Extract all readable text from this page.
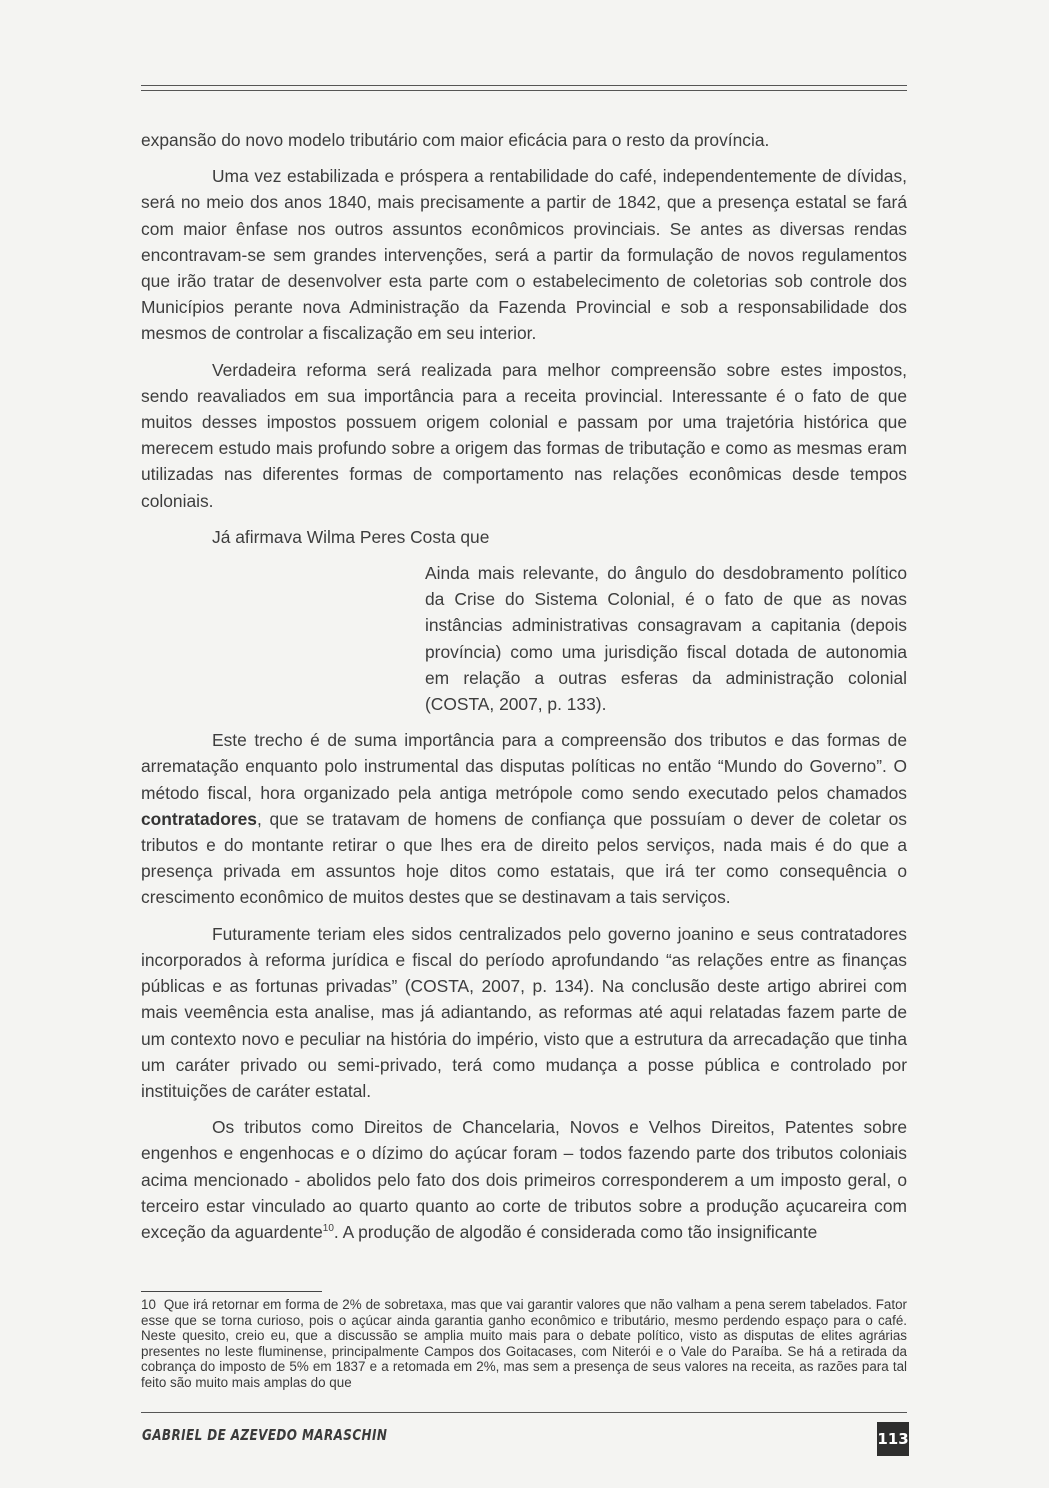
expansão do novo modelo tributário com maior eficácia para o resto da província.

Uma vez estabilizada e próspera a rentabilidade do café, independentemente de dívidas, será no meio dos anos 1840, mais precisamente a partir de 1842, que a presença estatal se fará com maior ênfase nos outros assuntos econômicos provinciais. Se antes as diversas rendas encontravam-se sem grandes intervenções, será a partir da formulação de novos regulamentos que irão tratar de desenvolver esta parte com o estabelecimento de coletorias sob controle dos Municípios perante nova Administração da Fazenda Provincial e sob a responsabilidade dos mesmos de controlar a fiscalização em seu interior.

Verdadeira reforma será realizada para melhor compreensão sobre estes impostos, sendo reavaliados em sua importância para a receita provincial. Interessante é o fato de que muitos desses impostos possuem origem colonial e passam por uma trajetória histórica que merecem estudo mais profundo sobre a origem das formas de tributação e como as mesmas eram utilizadas nas diferentes formas de comportamento nas relações econômicas desde tempos coloniais.

Já afirmava Wilma Peres Costa que

Ainda mais relevante, do ângulo do desdobramento político da Crise do Sistema Colonial, é o fato de que as novas instâncias administrativas consagravam a capitania (depois província) como uma jurisdição fiscal dotada de autonomia em relação a outras esferas da administração colonial (COSTA, 2007, p. 133).

Este trecho é de suma importância para a compreensão dos tributos e das formas de arrematação enquanto polo instrumental das disputas políticas no então “Mundo do Governo”. O método fiscal, hora organizado pela antiga metrópole como sendo executado pelos chamados contratadores, que se tratavam de homens de confiança que possuíam o dever de coletar os tributos e do montante retirar o que lhes era de direito pelos serviços, nada mais é do que a presença privada em assuntos hoje ditos como estatais, que irá ter como consequência o crescimento econômico de muitos destes que se destinavam a tais serviços.

Futuramente teriam eles sidos centralizados pelo governo joanino e seus contratadores incorporados à reforma jurídica e fiscal do período aprofundando “as relações entre as finanças públicas e as fortunas privadas” (COSTA, 2007, p. 134). Na conclusão deste artigo abrirei com mais veemência esta analise, mas já adiantando, as reformas até aqui relatadas fazem parte de um contexto novo e peculiar na história do império, visto que a estrutura da arrecadação que tinha um caráter privado ou semi-privado, terá como mudança a posse pública e controlado por instituições de caráter estatal.

Os tributos como Direitos de Chancelaria, Novos e Velhos Direitos, Patentes sobre engenhos e engenhocas e o dízimo do açúcar foram – todos fazendo parte dos tributos coloniais acima mencionado - abolidos pelo fato dos dois primeiros corresponderem a um imposto geral, o terceiro estar vinculado ao quarto quanto ao corte de tributos sobre a produção açucareira com exceção da aguardente$^{10}$. A produção de algodão é considerada como tão insignificante

10 Que irá retornar em forma de 2% de sobretaxa, mas que vai garantir valores que não valham a pena serem tabelados. Fator esse que se torna curioso, pois o açúcar ainda garantia ganho econômico e tributário, mesmo perdendo espaço para o café. Neste quesito, creio eu, que a discussão se amplia muito mais para o debate político, visto as disputas de elites agrárias presentes no leste fluminense, principalmente Campos dos Goitacases, com Niterói e o Vale do Paraíba. Se há a retirada da cobrança do imposto de 5% em 1837 e a retomada em 2%, mas sem a presença de seus valores na receita, as razões para tal feito são muito mais amplas do que
GABRIEL DE AZEVEDO MARASCHIN	113
